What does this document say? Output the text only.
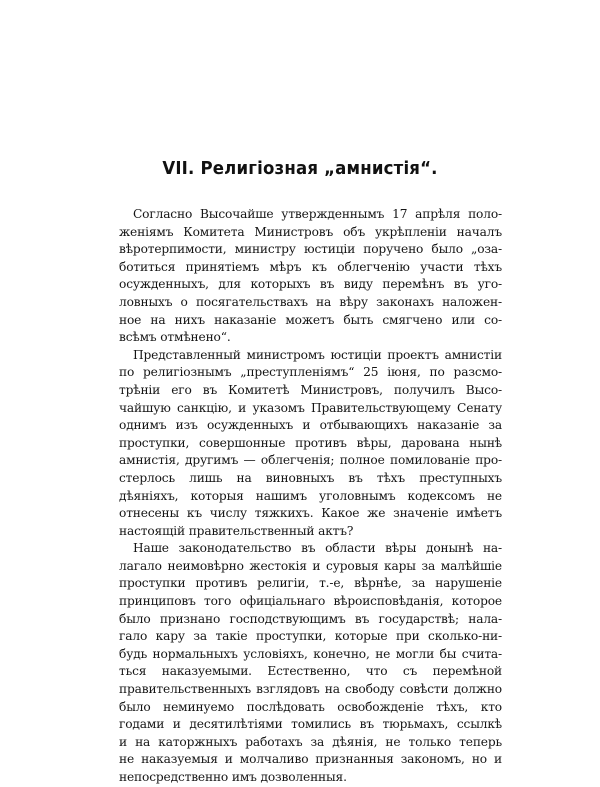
VII. Религіозная „амнистія“.

Согласно Высочайше утвержденнымъ 17 апрѣля поло-
женіямъ Комитета Министровъ объ укрѣпленіи началъ
вѣротерпимости, министру юстиціи поручено было „оза-
ботиться принятіемъ мѣръ къ облегченію участи тѣхъ
осужденныхъ, для которыхъ въ виду перемѣнъ въ уго-
ловныхъ о посягательствахъ на вѣру законахъ наложен-
ное на нихъ наказаніе можетъ быть смягчено или со-
всѣмъ отмѣнено“.

Представленный министромъ юстиціи проектъ амнистіи
по религіознымъ „преступленіямъ“ 25 іюня, по разсмо-
трѣніи его въ Комитетѣ Министровъ, получилъ Высо-
чайшую санкцію, и указомъ Правительствующему Сенату
однимъ изъ осужденныхъ и отбывающихъ наказаніе за
проступки, совершонные противъ вѣры, дарована нынѣ
амнистія, другимъ — облегченія; полное помилованіе про-
стерлось лишь на виновныхъ въ тѣхъ преступныхъ
дѣяніяхъ, которыя нашимъ уголовнымъ кодексомъ не
отнесены къ числу тяжкихъ. Какое же значеніе имѣетъ
настоящій правительственный актъ?

Наше законодательство въ области вѣры донынѣ на-
лагало неимовѣрно жестокія и суровыя кары за малѣйшіе
проступки противъ религіи, т.-е, вѣрнѣе, за нарушеніе
принциповъ того офиціальнаго вѣроисповѣданія, которое
было признано господствующимъ въ государствѣ; нала-
гало кару за такіе проступки, которые при сколько-ни-
будь нормальныхъ условіяхъ, конечно, не могли бы счита-
ться наказуемыми. Естественно, что съ перемѣной
правительственныхъ взглядовъ на свободу совѣсти должно
было неминуемо послѣдовать освобожденіе тѣхъ, кто
годами и десятилѣтіями томились въ тюрьмахъ, ссылкѣ
и на каторжныхъ работахъ за дѣянія, не только теперь
не наказуемыя и молчаливо признанныя закономъ, но и
непосредственно имъ дозволенныя.
